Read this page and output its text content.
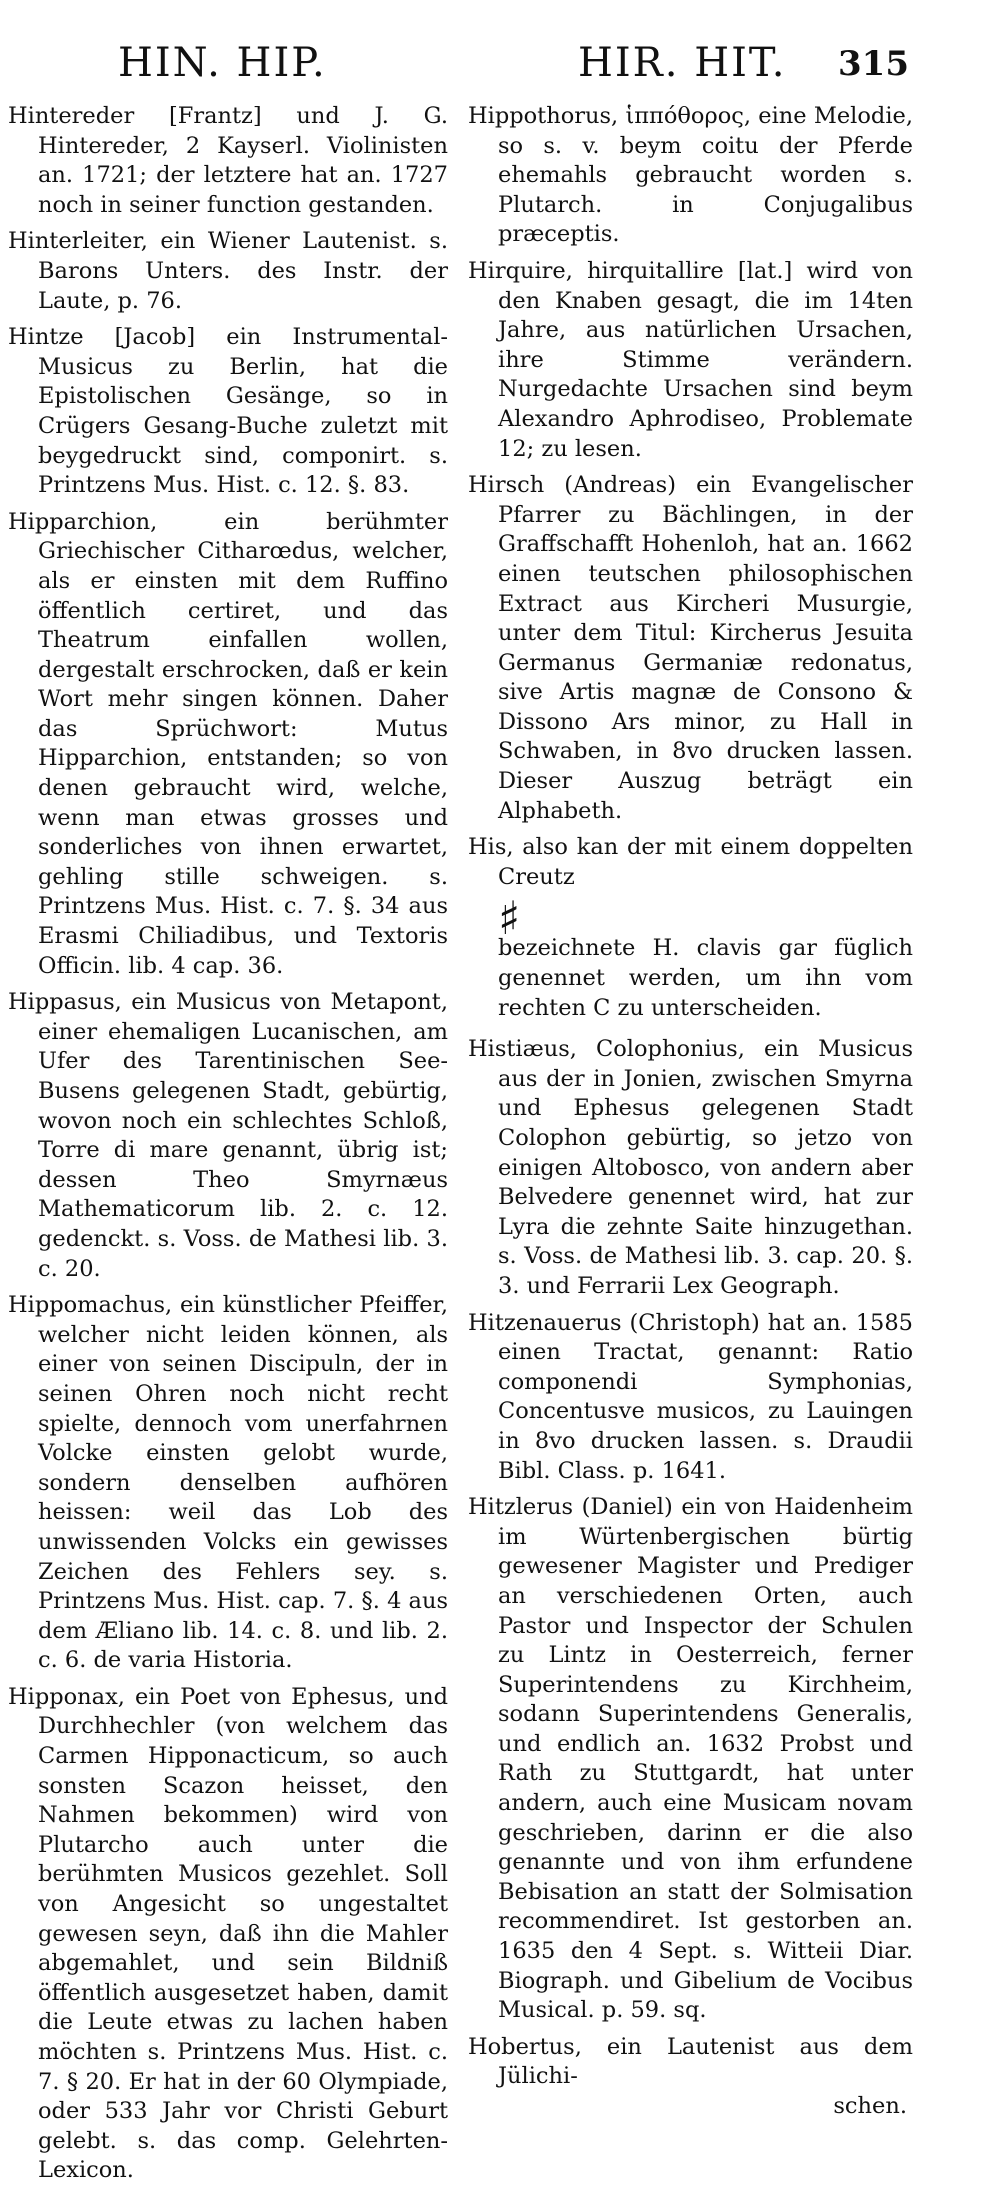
HIN. HIP.	HIR. HIT. 315

Hintereder [Frantz] und J. G. Hintereder, 2 Kayserl. Violinisten an. 1721; der letztere hat an. 1727 noch in seiner function gestanden.

Hinterleiter, ein Wiener Lautenist. s. Barons Unters. des Instr. der Laute, p. 76.

Hintze [Jacob] ein Instrumental-Musicus zu Berlin, hat die Epistolischen Gesänge, so in Crügers Gesang-Buche zuletzt mit beygedruckt sind, componirt. s. Printzens Mus. Hist. c. 12. §. 83.

Hipparchion, ein berühmter Griechischer Citharœdus, welcher, als er einsten mit dem Ruffino öffentlich certiret, und das Theatrum einfallen wollen, dergestalt erschrocken, daß er kein Wort mehr singen können. Daher das Sprüchwort: Mutus Hipparchion, entstanden; so von denen gebraucht wird, welche, wenn man etwas grosses und sonderliches von ihnen erwartet, gehling stille schweigen. s. Printzens Mus. Hist. c. 7. §. 34 aus Erasmi Chiliadibus, und Textoris Officin. lib. 4 cap. 36.

Hippasus, ein Musicus von Metapont, einer ehemaligen Lucanischen, am Ufer des Tarentinischen See-Busens gelegenen Stadt, gebürtig, wovon noch ein schlechtes Schloß, Torre di mare genannt, übrig ist; dessen Theo Smyrnæus Mathematicorum lib. 2. c. 12. gedenckt. s. Voss. de Mathesi lib. 3. c. 20.

Hippomachus, ein künstlicher Pfeiffer, welcher nicht leiden können, als einer von seinen Discipuln, der in seinen Ohren noch nicht recht spielte, dennoch vom unerfahrnen Volcke einsten gelobt wurde, sondern denselben aufhören heissen: weil das Lob des unwissenden Volcks ein gewisses Zeichen des Fehlers sey. s. Printzens Mus. Hist. cap. 7. §. 4 aus dem Æliano lib. 14. c. 8. und lib. 2. c. 6. de varia Historia.

Hipponax, ein Poet von Ephesus, und Durchhechler (von welchem das Carmen Hipponacticum, so auch sonsten Scazon heisset, den Nahmen bekommen) wird von Plutarcho auch unter die berühmten Musicos gezehlet. Soll von Angesicht so ungestaltet gewesen seyn, daß ihn die Mahler abgemahlet, und sein Bildniß öffentlich ausgesetzet haben, damit die Leute etwas zu lachen haben möchten s. Printzens Mus. Hist. c. 7. § 20. Er hat in der 60 Olympiade, oder 533 Jahr vor Christi Geburt gelebt. s. das comp. Gelehrten-Lexicon.

Hippothorus, ἱππόθορος, eine Melodie, so s. v. beym coitu der Pferde ehemahls gebraucht worden s. Plutarch. in Conjugalibus præceptis.

Hirquire, hirquitallire [lat.] wird von den Knaben gesagt, die im 14ten Jahre, aus natürlichen Ursachen, ihre Stimme verändern. Nurgedachte Ursachen sind beym Alexandro Aphrodiseo, Problemate 12; zu lesen.

Hirsch (Andreas) ein Evangelischer Pfarrer zu Bächlingen, in der Graffschafft Hohenloh, hat an. 1662 einen teutschen philosophischen Extract aus Kircheri Musurgie, unter dem Titul: Kircherus Jesuita Germanus Germaniæ redonatus, sive Artis magnæ de Consono & Dissono Ars minor, zu Hall in Schwaben, in 8vo drucken lassen. Dieser Auszug beträgt ein Alphabeth.

His, also kan der mit einem doppelten Creutz
♯
bezeichnete H. clavis gar füglich genennet werden, um ihn vom rechten C zu unterscheiden.

Histiæus, Colophonius, ein Musicus aus der in Jonien, zwischen Smyrna und Ephesus gelegenen Stadt Colophon gebürtig, so jetzo von einigen Altobosco, von andern aber Belvedere genennet wird, hat zur Lyra die zehnte Saite hinzugethan. s. Voss. de Mathesi lib. 3. cap. 20. §. 3. und Ferrarii Lex Geograph.

Hitzenauerus (Christoph) hat an. 1585 einen Tractat, genannt: Ratio componendi Symphonias, Concentusve musicos, zu Lauingen in 8vo drucken lassen. s. Draudii Bibl. Class. p. 1641.

Hitzlerus (Daniel) ein von Haidenheim im Würtenbergischen bürtig gewesener Magister und Prediger an verschiedenen Orten, auch Pastor und Inspector der Schulen zu Lintz in Oesterreich, ferner Superintendens zu Kirchheim, sodann Superintendens Generalis, und endlich an. 1632 Probst und Rath zu Stuttgardt, hat unter andern, auch eine Musicam novam geschrieben, darinn er die also genannte und von ihm erfundene Bebisation an statt der Solmisation recommendiret. Ist gestorben an. 1635 den 4 Sept. s. Witteii Diar. Biograph. und Gibelium de Vocibus Musical. p. 59. sq.

Hobertus, ein Lautenist aus dem Jülichi-

schen.
